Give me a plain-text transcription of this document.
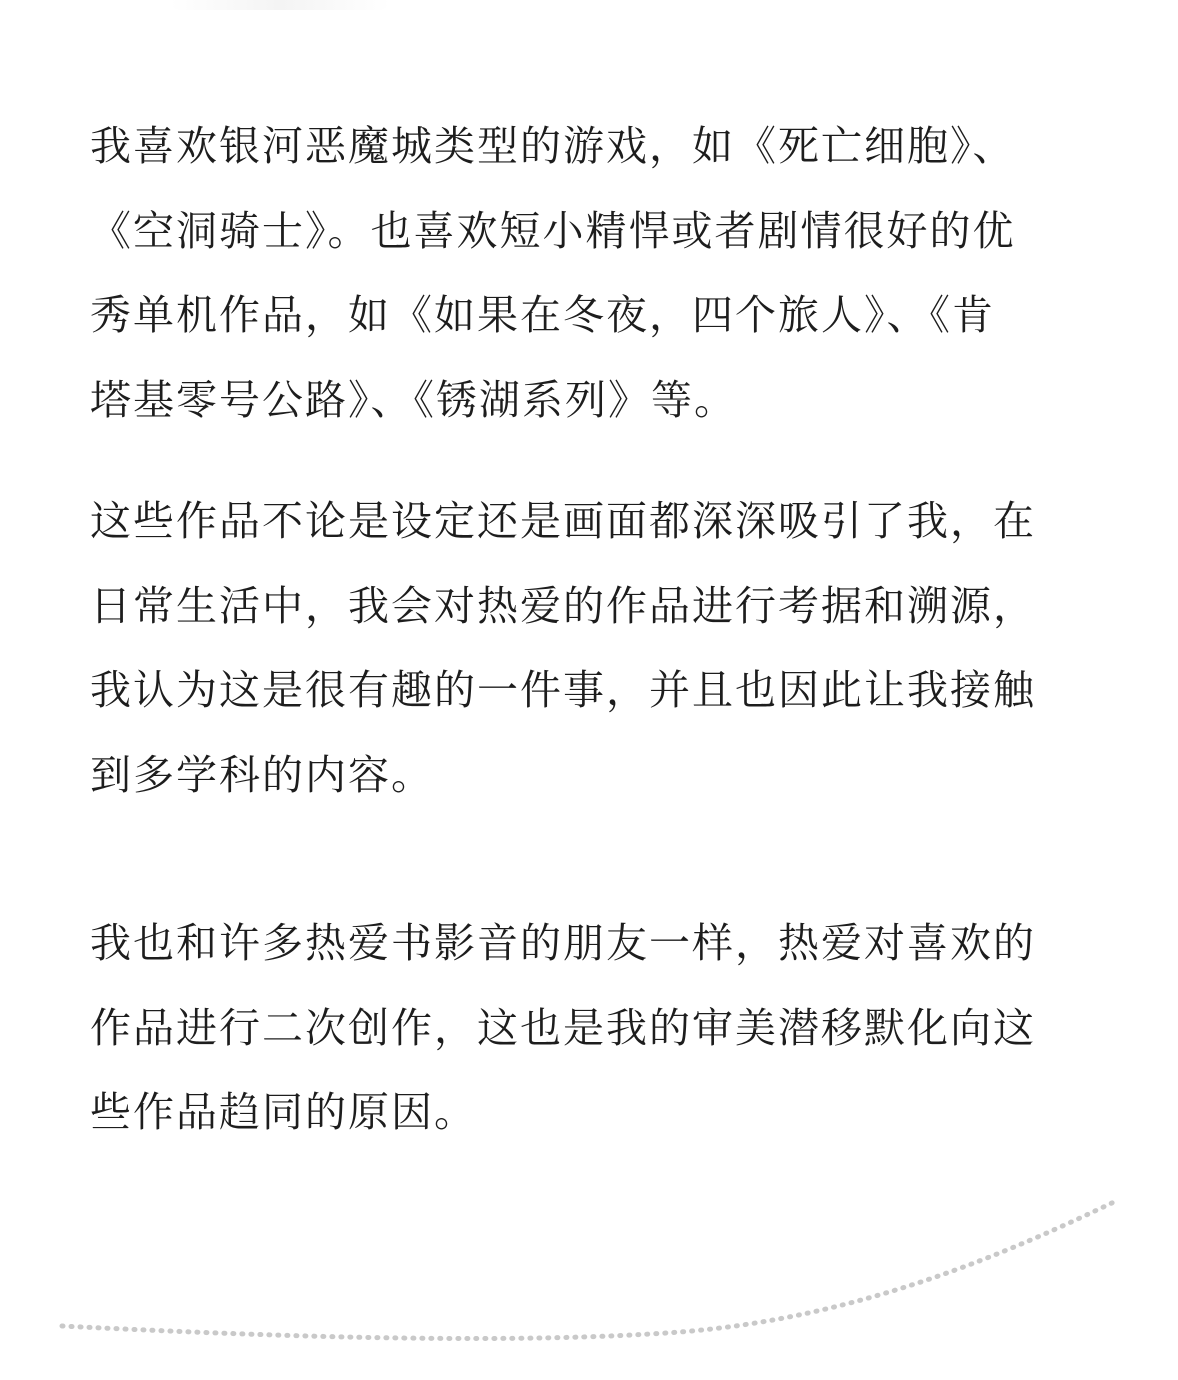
我喜欢银河恶魔城类型的游戏，如《死亡细胞》、
《空洞骑士》。也喜欢短小精悍或者剧情很好的优
秀单机作品，如《如果在冬夜，四个旅人》、《肯
塔基零号公路》、《锈湖系列》等。

这些作品不论是设定还是画面都深深吸引了我，在
日常生活中，我会对热爱的作品进行考据和溯源，
我认为这是很有趣的一件事，并且也因此让我接触
到多学科的内容。

我也和许多热爱书影音的朋友一样，热爱对喜欢的
作品进行二次创作，这也是我的审美潜移默化向这
些作品趋同的原因。
